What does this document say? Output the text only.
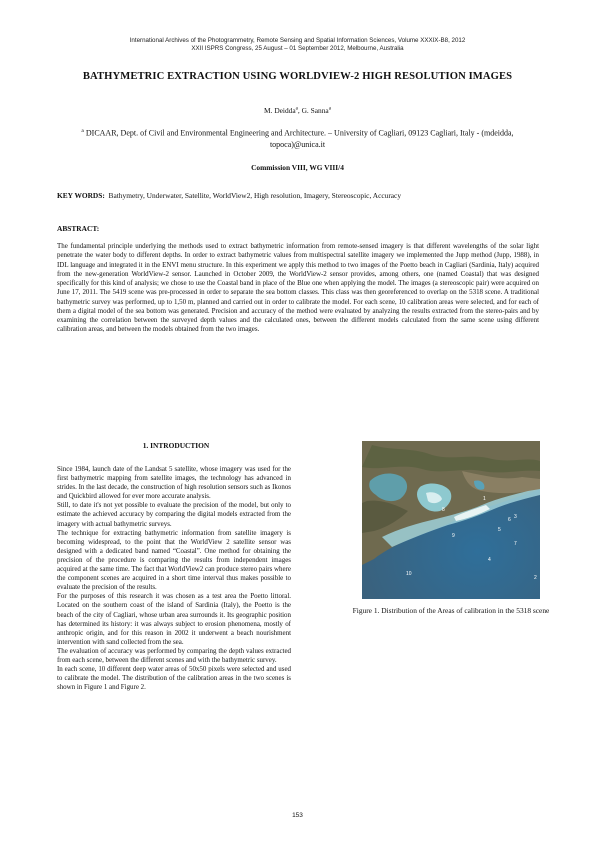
International Archives of the Photogrammetry, Remote Sensing and Spatial Information Sciences, Volume XXXIX-B8, 2012
XXII ISPRS Congress, 25 August – 01 September 2012, Melbourne, Australia
BATHYMETRIC EXTRACTION USING WORLDVIEW-2 HIGH RESOLUTION IMAGES
M. Deidda$^a$, G. Sanna$^a$
$^a$ DICAAR, Dept. of Civil and Environmental Engineering and Architecture. – University of Cagliari, 09123 Cagliari, Italy - (mdeidda, topoca)@unica.it
Commission VIII, WG VIII/4
KEY WORDS: Bathymetry, Underwater, Satellite, WorldView2, High resolution, Imagery, Stereoscopic, Accuracy
ABSTRACT:
The fundamental principle underlying the methods used to extract bathymetric information from remote-sensed imagery is that different wavelengths of the solar light penetrate the water body to different depths. In order to extract bathymetric values from multispectral satellite imagery we implemented the Jupp method (Jupp, 1988), in IDL language and integrated it in the ENVI menu structure. In this experiment we apply this method to two images of the Poetto beach in Cagliari (Sardinia, Italy) acquired from the new-generation WorldView-2 sensor. Launched in October 2009, the WorldView-2 sensor provides, among others, one (named Coastal) that was designed specifically for this kind of analysis; we chose to use the Coastal band in place of the Blue one when applying the model. The images (a stereoscopic pair) were acquired on June 17, 2011. The 5419 scene was pre-processed in order to separate the sea bottom classes. This class was then georeferenced to overlap on the 5318 scene. A traditional bathymetric survey was performed, up to 1,50 m, planned and carried out in order to calibrate the model. For each scene, 10 calibration areas were selected, and for each of them a digital model of the sea bottom was generated. Precision and accuracy of the method were evaluated by analyzing the results extracted from the stereo-pairs and by examining the correlation between the surveyed depth values and the calculated ones, between the different models calculated from the same scene using different calibration areas, and between the models obtained from the two images.
1. INTRODUCTION

Since 1984, launch date of the Landsat 5 satellite, whose imagery was used for the first bathymetric mapping from satellite images, the technology has advanced in strides. In the last decade, the construction of high resolution sensors such as Ikonos and Quickbird allowed for ever more accurate analysis.

Still, to date it's not yet possible to evaluate the precision of the model, but only to estimate the achieved accuracy by comparing the digital models extracted from the imagery with actual bathymetric surveys.

The technique for extracting bathymetric information from satellite imagery is becoming widespread, to the point that the WorldView 2 satellite sensor was designed with a dedicated band named “Coastal”. One method for obtaining the precision of the procedure is comparing the results from independent images acquired at the same time. The fact that WorldView2 can produce stereo pairs where the component scenes are acquired in a short time interval thus makes possible to evaluate the precision of the results.

For the purposes of this research it was chosen as a test area the Poetto littoral. Located on the southern coast of the island of Sardinia (Italy), the Poetto is the beach of the city of Cagliari, whose urban area surrounds it. Its geographic position has determined its history: it was always subject to erosion phenomena, mostly of anthropic origin, and for this reason in 2002 it underwent a beach nourishment intervention with sand collected from the sea.

The evaluation of accuracy was performed by comparing the depth values extracted from each scene, between the different scenes and with the bathymetric survey.

In each scene, 10 different deep water areas of 50x50 pixels were selected and used to calibrate the model. The distribution of the calibration areas in the two scenes is shown in Figure 1 and Figure 2.

1
2
3
4
5
6
7
8
9
10
Figure 1. Distribution of the Areas of calibration in the 5318 scene
153
